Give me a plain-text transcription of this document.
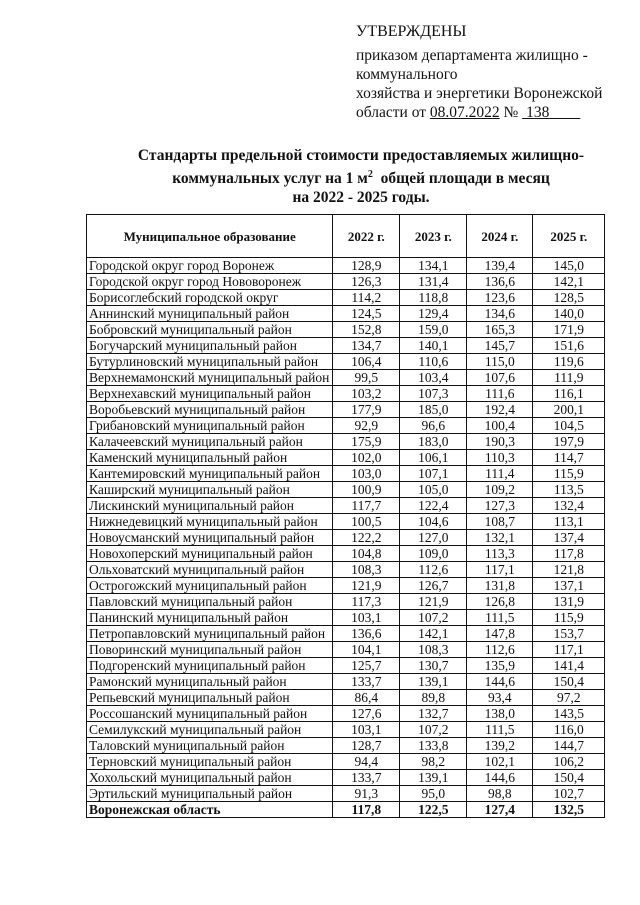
УТВЕРЖДЕНЫ
приказом департамента жилищно -
коммунального
хозяйства и энергетики Воронежской
области от 08.07.2022 № 138
Стандарты предельной стоимости предоставляемых жилищно-
коммунальных услуг на 1 $м^2$ общей площади в месяц
на 2022 - 2025 годы.
Муниципальное образование	2022 г.	2023 г.	2024 г.	2025 г.
Городской округ город Воронеж	128,9	134,1	139,4	145,0
Городской округ город Нововоронеж	126,3	131,4	136,6	142,1
Борисоглебский городской округ	114,2	118,8	123,6	128,5
Аннинский муниципальный район	124,5	129,4	134,6	140,0
Бобровский муниципальный район	152,8	159,0	165,3	171,9
Богучарский муниципальный район	134,7	140,1	145,7	151,6
Бутурлиновский муниципальный район	106,4	110,6	115,0	119,6
Верхнемамонский муниципальный район	99,5	103,4	107,6	111,9
Верхнехавский муниципальный район	103,2	107,3	111,6	116,1
Воробьевский муниципальный район	177,9	185,0	192,4	200,1
Грибановский муниципальный район	92,9	96,6	100,4	104,5
Калачеевский муниципальный район	175,9	183,0	190,3	197,9
Каменский муниципальный район	102,0	106,1	110,3	114,7
Кантемировский муниципальный район	103,0	107,1	111,4	115,9
Каширский муниципальный район	100,9	105,0	109,2	113,5
Лискинский муниципальный район	117,7	122,4	127,3	132,4
Нижнедевицкий муниципальный район	100,5	104,6	108,7	113,1
Новоусманский муниципальный район	122,2	127,0	132,1	137,4
Новохоперский муниципальный район	104,8	109,0	113,3	117,8
Ольховатский муниципальный район	108,3	112,6	117,1	121,8
Острогожский муниципальный район	121,9	126,7	131,8	137,1
Павловский муниципальный район	117,3	121,9	126,8	131,9
Панинский муниципальный район	103,1	107,2	111,5	115,9
Петропавловский муниципальный район	136,6	142,1	147,8	153,7
Поворинский муниципальный район	104,1	108,3	112,6	117,1
Подгоренский муниципальный район	125,7	130,7	135,9	141,4
Рамонский муниципальный район	133,7	139,1	144,6	150,4
Репьевский муниципальный район	86,4	89,8	93,4	97,2
Россошанский муниципальный район	127,6	132,7	138,0	143,5
Семилукский муниципальный район	103,1	107,2	111,5	116,0
Таловский муниципальный район	128,7	133,8	139,2	144,7
Терновский муниципальный район	94,4	98,2	102,1	106,2
Хохольский муниципальный район	133,7	139,1	144,6	150,4
Эртильский муниципальный район	91,3	95,0	98,8	102,7
Воронежская область	117,8	122,5	127,4	132,5
